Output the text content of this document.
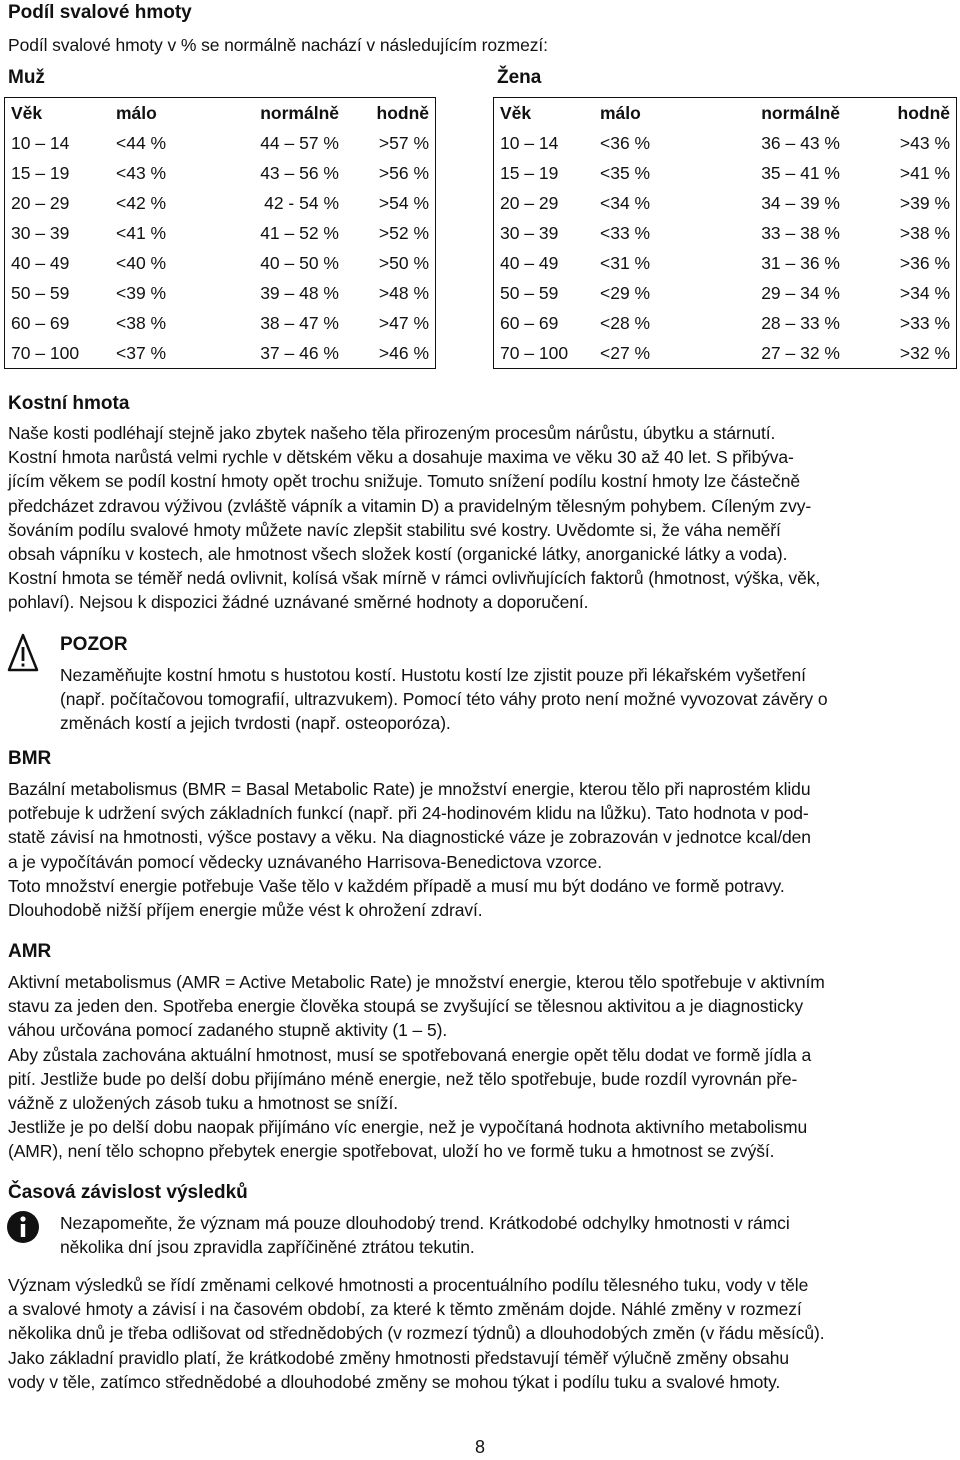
Podíl svalové hmoty
Podíl svalové hmoty v % se normálně nachází v následujícím rozmezí:
Muž	Žena
Věk	málo	normálně	hodně
10 – 14	<44 %	44 – 57 %	>57 %
15 – 19	<43 %	43 – 56 %	>56 %
20 – 29	<42 %	42 - 54 %	>54 %
30 – 39	<41 %	41 – 52 %	>52 %
40 – 49	<40 %	40 – 50 %	>50 %
50 – 59	<39 %	39 – 48 %	>48 %
60 – 69	<38 %	38 – 47 %	>47 %
70 – 100	<37 %	37 – 46 %	>46 %
Věk	málo	normálně	hodně
10 – 14	<36 %	36 – 43 %	>43 %
15 – 19	<35 %	35 – 41 %	>41 %
20 – 29	<34 %	34 – 39 %	>39 %
30 – 39	<33 %	33 – 38 %	>38 %
40 – 49	<31 %	31 – 36 %	>36 %
50 – 59	<29 %	29 – 34 %	>34 %
60 – 69	<28 %	28 – 33 %	>33 %
70 – 100	<27 %	27 – 32 %	>32 %
Kostní hmota
Naše kosti podléhají stejně jako zbytek našeho těla přirozeným procesům nárůstu, úbytku a stárnutí.
Kostní hmota narůstá velmi rychle v dětském věku a dosahuje maxima ve věku 30 až 40 let. S přibýva-
jícím věkem se podíl kostní hmoty opět trochu snižuje. Tomuto snížení podílu kostní hmoty lze částečně
předcházet zdravou výživou (zvláště vápník a vitamin D) a pravidelným tělesným pohybem. Cíleným zvy-
šováním podílu svalové hmoty můžete navíc zlepšit stabilitu své kostry. Uvědomte si, že váha neměří
obsah vápníku v kostech, ale hmotnost všech složek kostí (organické látky, anorganické látky a voda).
Kostní hmota se téměř nedá ovlivnit, kolísá však mírně v rámci ovlivňujících faktorů (hmotnost, výška, věk,
pohlaví). Nejsou k dispozici žádné uznávané směrné hodnoty a doporučení.
POZOR
Nezaměňujte kostní hmotu s hustotou kostí. Hustotu kostí lze zjistit pouze při lékařském vyšetření
(např. počítačovou tomografií, ultrazvukem). Pomocí této váhy proto není možné vyvozovat závěry o
změnách kostí a jejich tvrdosti (např. osteoporóza).
BMR
Bazální metabolismus (BMR = Basal Metabolic Rate) je množství energie, kterou tělo při naprostém klidu
potřebuje k udržení svých základních funkcí (např. při 24-hodinovém klidu na lůžku). Tato hodnota v pod-
statě závisí na hmotnosti, výšce postavy a věku. Na diagnostické váze je zobrazován v jednotce kcal/den
a je vypočítáván pomocí vědecky uznávaného Harrisova-Benedictova vzorce.
Toto množství energie potřebuje Vaše tělo v každém případě a musí mu být dodáno ve formě potravy.
Dlouhodobě nižší příjem energie může vést k ohrožení zdraví.
AMR
Aktivní metabolismus (AMR = Active Metabolic Rate) je množství energie, kterou tělo spotřebuje v aktivním
stavu za jeden den. Spotřeba energie člověka stoupá se zvyšující se tělesnou aktivitou a je diagnosticky
váhou určována pomocí zadaného stupně aktivity (1 – 5).
Aby zůstala zachována aktuální hmotnost, musí se spotřebovaná energie opět tělu dodat ve formě jídla a
pití. Jestliže bude po delší dobu přijímáno méně energie, než tělo spotřebuje, bude rozdíl vyrovnán pře-
vážně z uložených zásob tuku a hmotnost se sníží.
Jestliže je po delší dobu naopak přijímáno víc energie, než je vypočítaná hodnota aktivního metabolismu
(AMR), není tělo schopno přebytek energie spotřebovat, uloží ho ve formě tuku a hmotnost se zvýší.
Časová závislost výsledků
Nezapomeňte, že význam má pouze dlouhodobý trend. Krátkodobé odchylky hmotnosti v rámci
několika dní jsou zpravidla zapříčiněné ztrátou tekutin.
Význam výsledků se řídí změnami celkové hmotnosti a procentuálního podílu tělesného tuku, vody v těle
a svalové hmoty a závisí i na časovém období, za které k těmto změnám dojde. Náhlé změny v rozmezí
několika dnů je třeba odlišovat od střednědobých (v rozmezí týdnů) a dlouhodobých změn (v řádu měsíců).
Jako základní pravidlo platí, že krátkodobé změny hmotnosti představují téměř výlučně změny obsahu
vody v těle, zatímco střednědobé a dlouhodobé změny se mohou týkat i podílu tuku a svalové hmoty.
8
